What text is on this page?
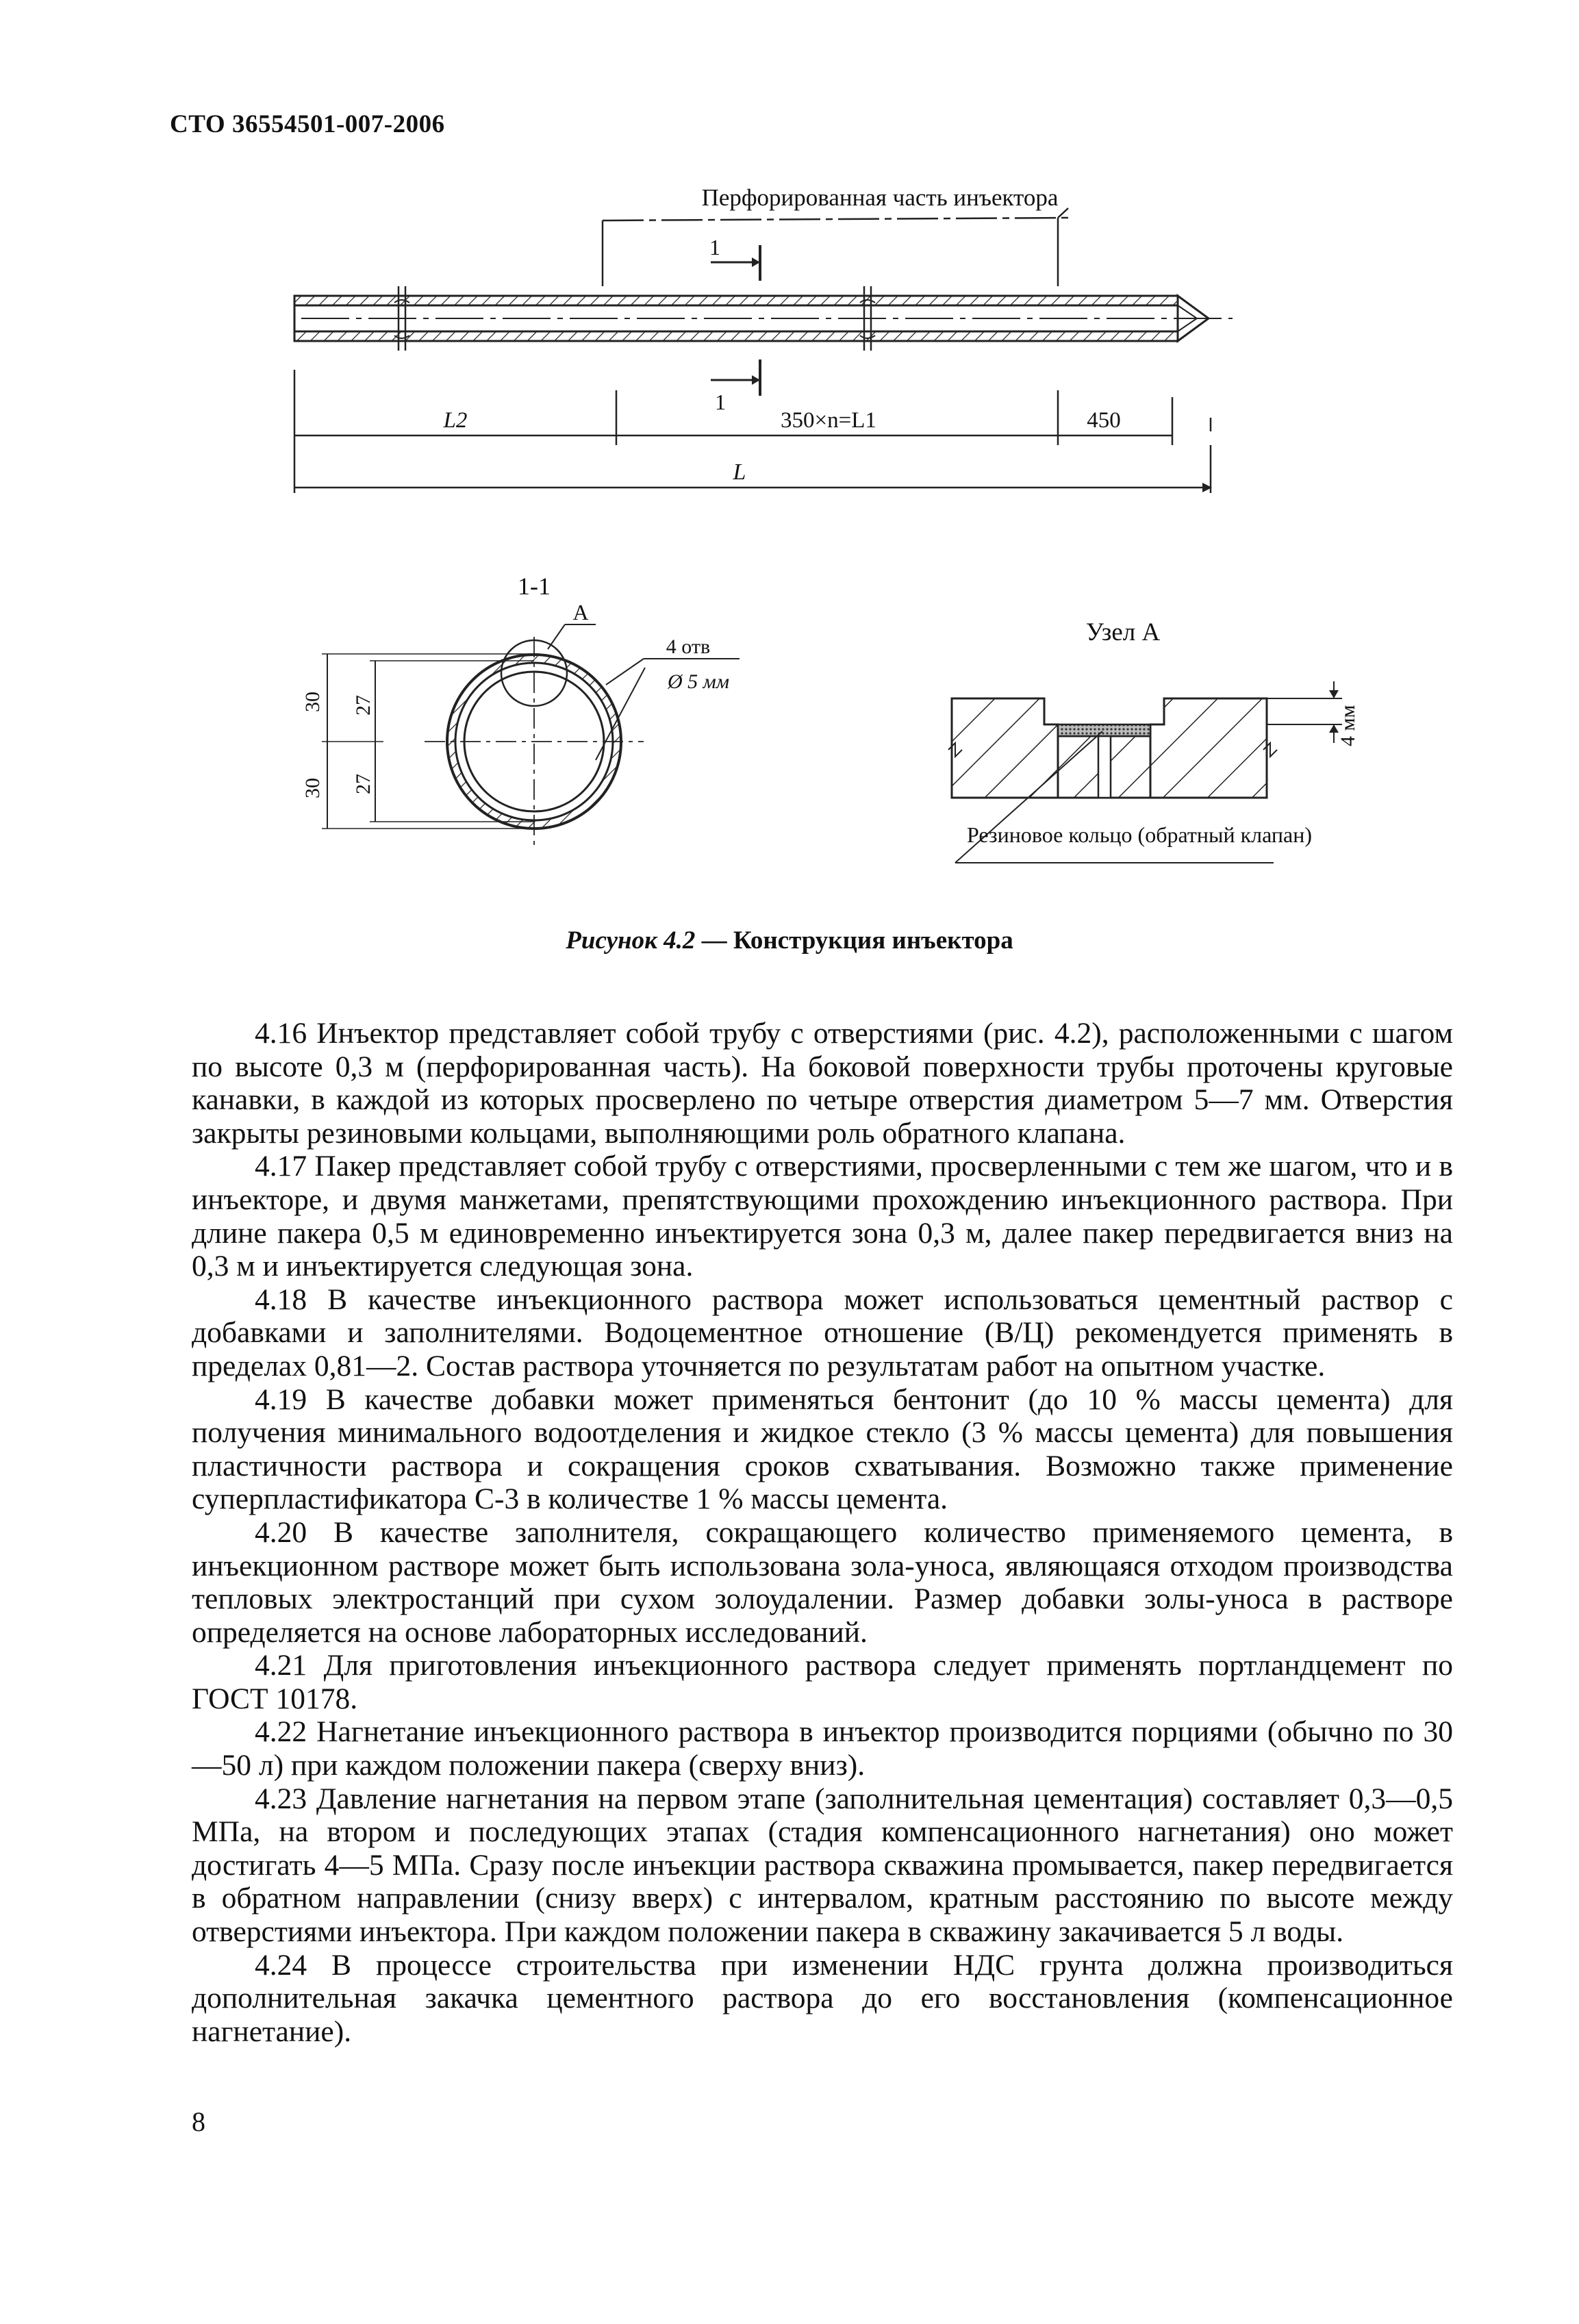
СТО 36554501-007-2006
Перфорированная часть инъектора
1
1
L2	350×n=L1	450
L
1-1
А
4 отв
Ø 5 мм
30 27
30 27
Узел А
4 мм
Резиновое кольцо (обратный клапан)
Рисунок 4.2 — Конструкция инъектора

4.16 Инъектор представляет собой трубу с отверстиями (рис. 4.2), расположенными с шагом по высоте 0,3 м (перфорированная часть). На боковой поверхности трубы проточены круговые канавки, в каждой из которых просверлено по четыре отверстия диаметром 5—7 мм. Отверстия закрыты резиновыми кольцами, выполняющими роль обратного клапана.

4.17 Пакер представляет собой трубу с отверстиями, просверленными с тем же шагом, что и в инъекторе, и двумя манжетами, препятствующими прохождению инъекционного раствора. При длине пакера 0,5 м единовременно инъектируется зона 0,3 м, далее пакер передвигается вниз на 0,3 м и инъектируется следующая зона.

4.18 В качестве инъекционного раствора может использоваться цементный раствор с добавками и заполнителями. Водоцементное отношение (В/Ц) рекомендуется применять в пределах 0,81—2. Состав раствора уточняется по результатам работ на опытном участке.

4.19 В качестве добавки может применяться бентонит (до 10 % массы цемента) для получения минимального водоотделения и жидкое стекло (3 % массы цемента) для повышения пластичности раствора и сокращения сроков схватывания. Возможно также применение суперпластификатора С-3 в количестве 1 % массы цемента.

4.20 В качестве заполнителя, сокращающего количество применяемого цемента, в инъекционном растворе может быть использована зола-уноса, являющаяся отходом производства тепловых электростанций при сухом золоудалении. Размер добавки золы-уноса в растворе определяется на основе лабораторных исследований.

4.21 Для приготовления инъекционного раствора следует применять портландцемент по ГОСТ 10178.

4.22 Нагнетание инъекционного раствора в инъектор производится порциями (обычно по 30—50 л) при каждом положении пакера (сверху вниз).

4.23 Давление нагнетания на первом этапе (заполнительная цементация) составляет 0,3—0,5 МПа, на втором и последующих этапах (стадия компенсационного нагнетания) оно может достигать 4—5 МПа. Сразу после инъекции раствора скважина промывается, пакер передвигается в обратном направлении (снизу вверх) с интервалом, кратным расстоянию по высоте между отверстиями инъектора. При каждом положении пакера в скважину закачивается 5 л воды.

4.24 В процессе строительства при изменении НДС грунта должна производиться дополнительная закачка цементного раствора до его восстановления (компенсационное нагнетание).

8
